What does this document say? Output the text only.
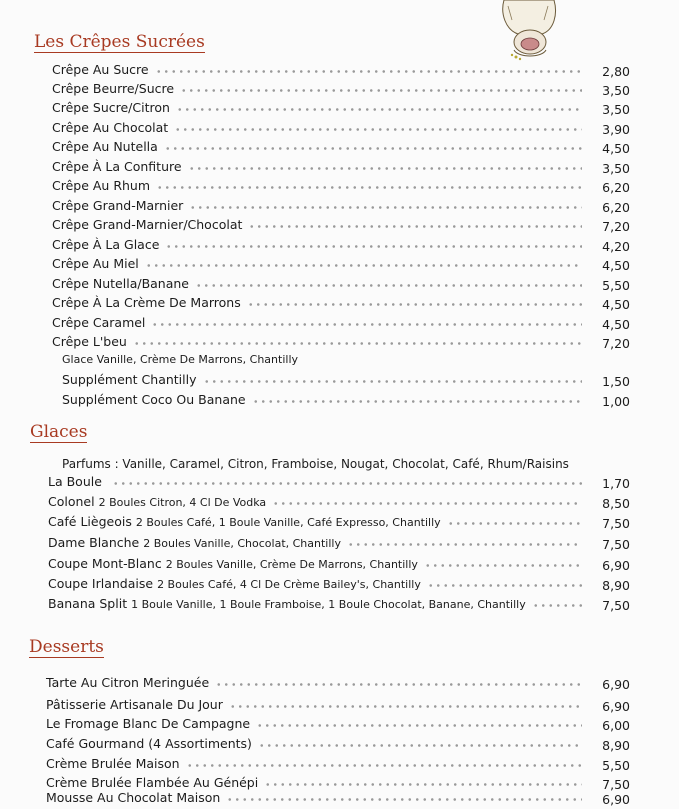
Les Crêpes Sucrées
Crêpe Au Sucre	2,80
Crêpe Beurre/Sucre	3,50
Crêpe Sucre/Citron	3,50
Crêpe Au Chocolat	3,90
Crêpe Au Nutella	4,50
Crêpe À La Confiture	3,50
Crêpe Au Rhum	6,20
Crêpe Grand-Marnier	6,20
Crêpe Grand-Marnier/Chocolat	7,20
Crêpe À La Glace	4,20
Crêpe Au Miel	4,50
Crêpe Nutella/Banane	5,50
Crêpe À La Crème De Marrons	4,50
Crêpe Caramel	4,50
Crêpe L'beu	7,20
Glace Vanille, Crème De Marrons, Chantilly
Supplément Chantilly	1,50
Supplément Coco Ou Banane	1,00
Glaces
Parfums : Vanille, Caramel, Citron, Framboise, Nougat, Chocolat, Café, Rhum/Raisins
La Boule	1,70
Colonel 2 Boules Citron, 4 Cl De Vodka	8,50
Café Liègeois 2 Boules Café, 1 Boule Vanille, Café Expresso, Chantilly	7,50
Dame Blanche 2 Boules Vanille, Chocolat, Chantilly	7,50
Coupe Mont-Blanc 2 Boules Vanille, Crème De Marrons, Chantilly	6,90
Coupe Irlandaise 2 Boules Café, 4 Cl De Crème Bailey's, Chantilly	8,90
Banana Split 1 Boule Vanille, 1 Boule Framboise, 1 Boule Chocolat, Banane, Chantilly	7,50
Desserts
Tarte Au Citron Meringuée	6,90
Pâtisserie Artisanale Du Jour	6,90
Le Fromage Blanc De Campagne	6,00
Café Gourmand (4 Assortiments)	8,90
Crème Brulée Maison	5,50
Crème Brulée Flambée Au Génépi	7,50
Mousse Au Chocolat Maison	6,90
